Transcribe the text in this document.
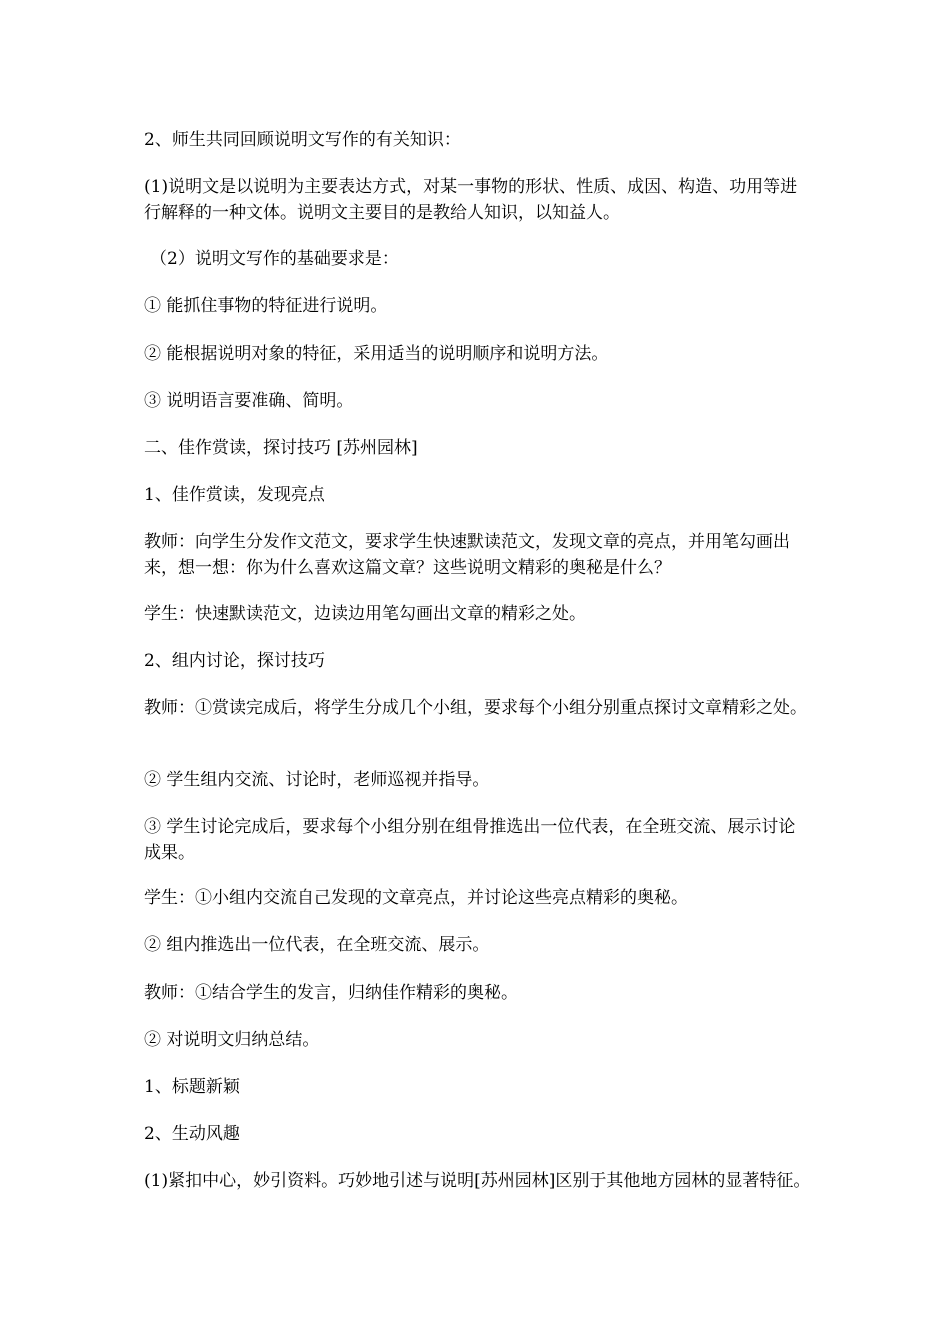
2、师生共同回顾说明文写作的有关知识：

(1)说明文是以说明为主要表达方式，对某一事物的形状、性质、成因、构造、功用等进行解释的一种文体。说明文主要目的是教给人知识，以知益人。

（2）说明文写作的基础要求是：

① 能抓住事物的特征进行说明。

② 能根据说明对象的特征，采用适当的说明顺序和说明方法。

③ 说明语言要准确、简明。

二、佳作赏读，探讨技巧 [苏州园林]

1、佳作赏读，发现亮点

教师：向学生分发作文范文，要求学生快速默读范文，发现文章的亮点，并用笔勾画出来，想一想：你为什么喜欢这篇文章？这些说明文精彩的奥秘是什么？

学生：快速默读范文，边读边用笔勾画出文章的精彩之处。

2、组内讨论，探讨技巧

教师：①赏读完成后，将学生分成几个小组，要求每个小组分别重点探讨文章精彩之处。

② 学生组内交流、讨论时，老师巡视并指导。

③ 学生讨论完成后，要求每个小组分别在组骨推选出一位代表，在全班交流、展示讨论成果。

学生：①小组内交流自己发现的文章亮点，并讨论这些亮点精彩的奥秘。

② 组内推选出一位代表，在全班交流、展示。

教师：①结合学生的发言，归纳佳作精彩的奥秘。

② 对说明文归纳总结。

1、标题新颖

2、生动风趣

(1)紧扣中心，妙引资料。巧妙地引述与说明[苏州园林]区别于其他地方园林的显著特征。
